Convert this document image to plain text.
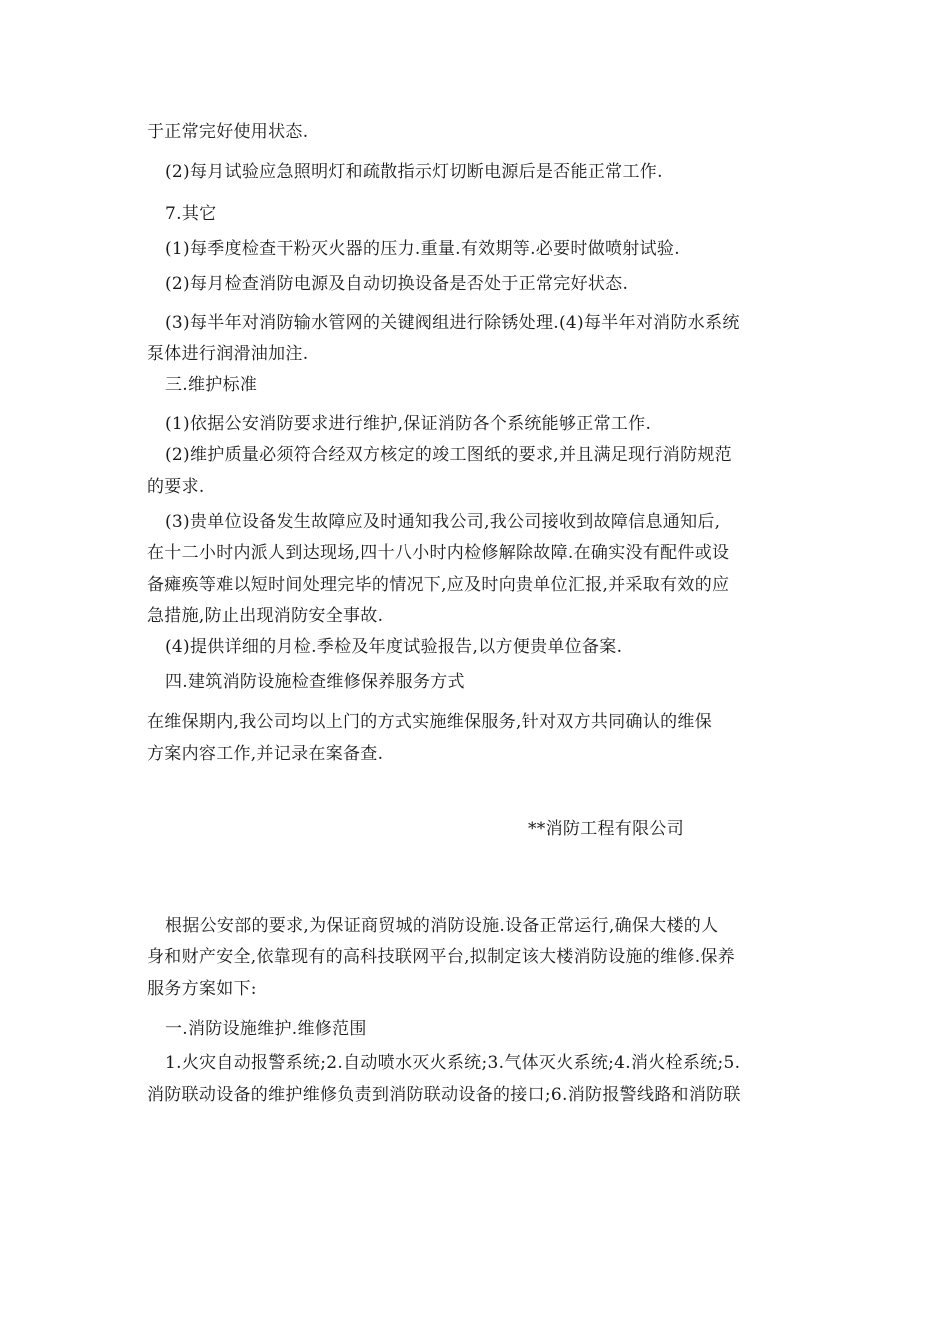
于正常完好使用状态.
(2)每月试验应急照明灯和疏散指示灯切断电源后是否能正常工作.
7.其它
(1)每季度检查干粉灭火器的压力.重量.有效期等.必要时做喷射试验.
(2)每月检查消防电源及自动切换设备是否处于正常完好状态.
(3)每半年对消防输水管网的关键阀组进行除锈处理.(4)每半年对消防水系统
泵体进行润滑油加注.
三.维护标准
(1)依据公安消防要求进行维护,保证消防各个系统能够正常工作.
(2)维护质量必须符合经双方核定的竣工图纸的要求,并且满足现行消防规范
的要求.
(3)贵单位设备发生故障应及时通知我公司,我公司接收到故障信息通知后,
在十二小时内派人到达现场,四十八小时内检修解除故障.在确实没有配件或设
备瘫痪等难以短时间处理完毕的情况下,应及时向贵单位汇报,并采取有效的应
急措施,防止出现消防安全事故.
(4)提供详细的月检.季检及年度试验报告,以方便贵单位备案.
四.建筑消防设施检查维修保养服务方式
在维保期内,我公司均以上门的方式实施维保服务,针对双方共同确认的维保
方案内容工作,并记录在案备查.
**消防工程有限公司
根据公安部的要求,为保证商贸城的消防设施.设备正常运行,确保大楼的人
身和财产安全,依靠现有的高科技联网平台,拟制定该大楼消防设施的维修.保养
服务方案如下:
一.消防设施维护.维修范围
1.火灾自动报警系统;2.自动喷水灭火系统;3.气体灭火系统;4.消火栓系统;5.
消防联动设备的维护维修负责到消防联动设备的接口;6.消防报警线路和消防联
